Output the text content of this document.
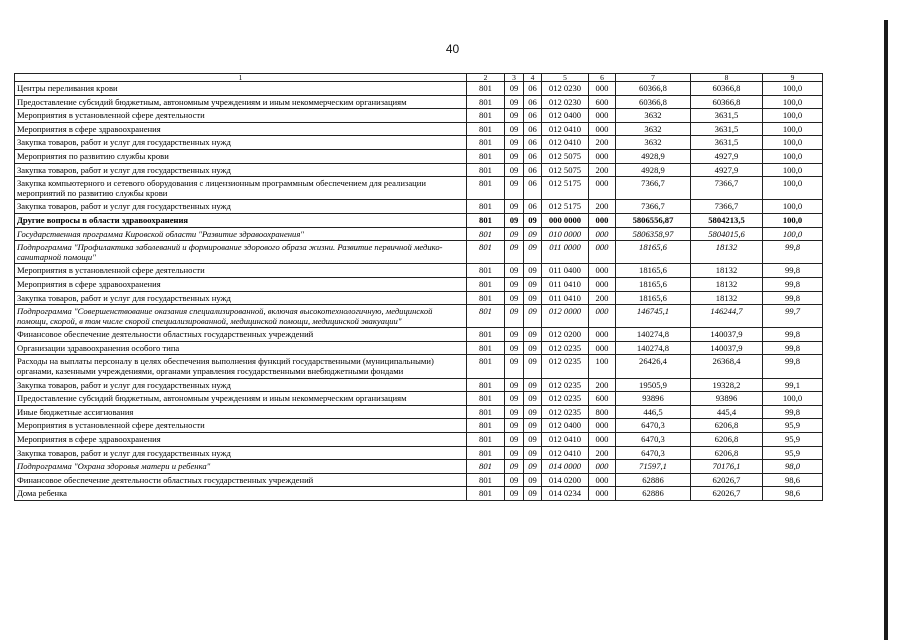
40
1	2	3	4	5	6	7	8	9
Центры переливания крови	801	09	06	012 0230	000	60366,8	60366,8	100,0
Предоставление субсидий бюджетным, автономным учреждениям и иным некоммерческим организациям	801	09	06	012 0230	600	60366,8	60366,8	100,0
Мероприятия в установленной сфере деятельности	801	09	06	012 0400	000	3632	3631,5	100,0
Мероприятия в сфере здравоохранения	801	09	06	012 0410	000	3632	3631,5	100,0
Закупка товаров, работ и услуг для государственных нужд	801	09	06	012 0410	200	3632	3631,5	100,0
Мероприятия по развитию службы крови	801	09	06	012 5075	000	4928,9	4927,9	100,0
Закупка товаров, работ и услуг для государственных нужд	801	09	06	012 5075	200	4928,9	4927,9	100,0
Закупка компьютерного и сетевого оборудования с лицензионным программным обеспечением для реализации мероприятий по развитию службы крови	801	09	06	012 5175	000	7366,7	7366,7	100,0
Закупка товаров, работ и услуг для государственных нужд	801	09	06	012 5175	200	7366,7	7366,7	100,0
Другие вопросы в области здравоохранения	801	09	09	000 0000	000	5806556,87	5804213,5	100,0
Государственная программа Кировской области "Развитие здравоохранения"	801	09	09	010 0000	000	5806358,97	5804015,6	100,0
Подпрограмма "Профилактика заболеваний и формирование здорового образа жизни. Развитие первичной медико-санитарной помощи"	801	09	09	011 0000	000	18165,6	18132	99,8
Мероприятия в установленной сфере деятельности	801	09	09	011 0400	000	18165,6	18132	99,8
Мероприятия в сфере здравоохранения	801	09	09	011 0410	000	18165,6	18132	99,8
Закупка товаров, работ и услуг для государственных нужд	801	09	09	011 0410	200	18165,6	18132	99,8
Подпрограмма "Совершенствование оказания специализированной, включая высокотехнологичную, медицинской помощи, скорой, в том числе скорой специализированной, медицинской помощи, медицинской эвакуации"	801	09	09	012 0000	000	146745,1	146244,7	99,7
Финансовое обеспечение деятельности областных государственных учреждений	801	09	09	012 0200	000	140274,8	140037,9	99,8
Организации здравоохранения особого типа	801	09	09	012 0235	000	140274,8	140037,9	99,8
Расходы на выплаты персоналу в целях обеспечения выполнения функций государственными (муниципальными) органами, казенными учреждениями, органами управления государственными внебюджетными фондами	801	09	09	012 0235	100	26426,4	26368,4	99,8
Закупка товаров, работ и услуг для государственных нужд	801	09	09	012 0235	200	19505,9	19328,2	99,1
Предоставление субсидий бюджетным, автономным учреждениям и иным некоммерческим организациям	801	09	09	012 0235	600	93896	93896	100,0
Иные бюджетные ассигнования	801	09	09	012 0235	800	446,5	445,4	99,8
Мероприятия в установленной сфере деятельности	801	09	09	012 0400	000	6470,3	6206,8	95,9
Мероприятия в сфере здравоохранения	801	09	09	012 0410	000	6470,3	6206,8	95,9
Закупка товаров, работ и услуг для государственных нужд	801	09	09	012 0410	200	6470,3	6206,8	95,9
Подпрограмма "Охрана здоровья матери и ребенка"	801	09	09	014 0000	000	71597,1	70176,1	98,0
Финансовое обеспечение деятельности областных государственных учреждений	801	09	09	014 0200	000	62886	62026,7	98,6
Дома ребенка	801	09	09	014 0234	000	62886	62026,7	98,6
